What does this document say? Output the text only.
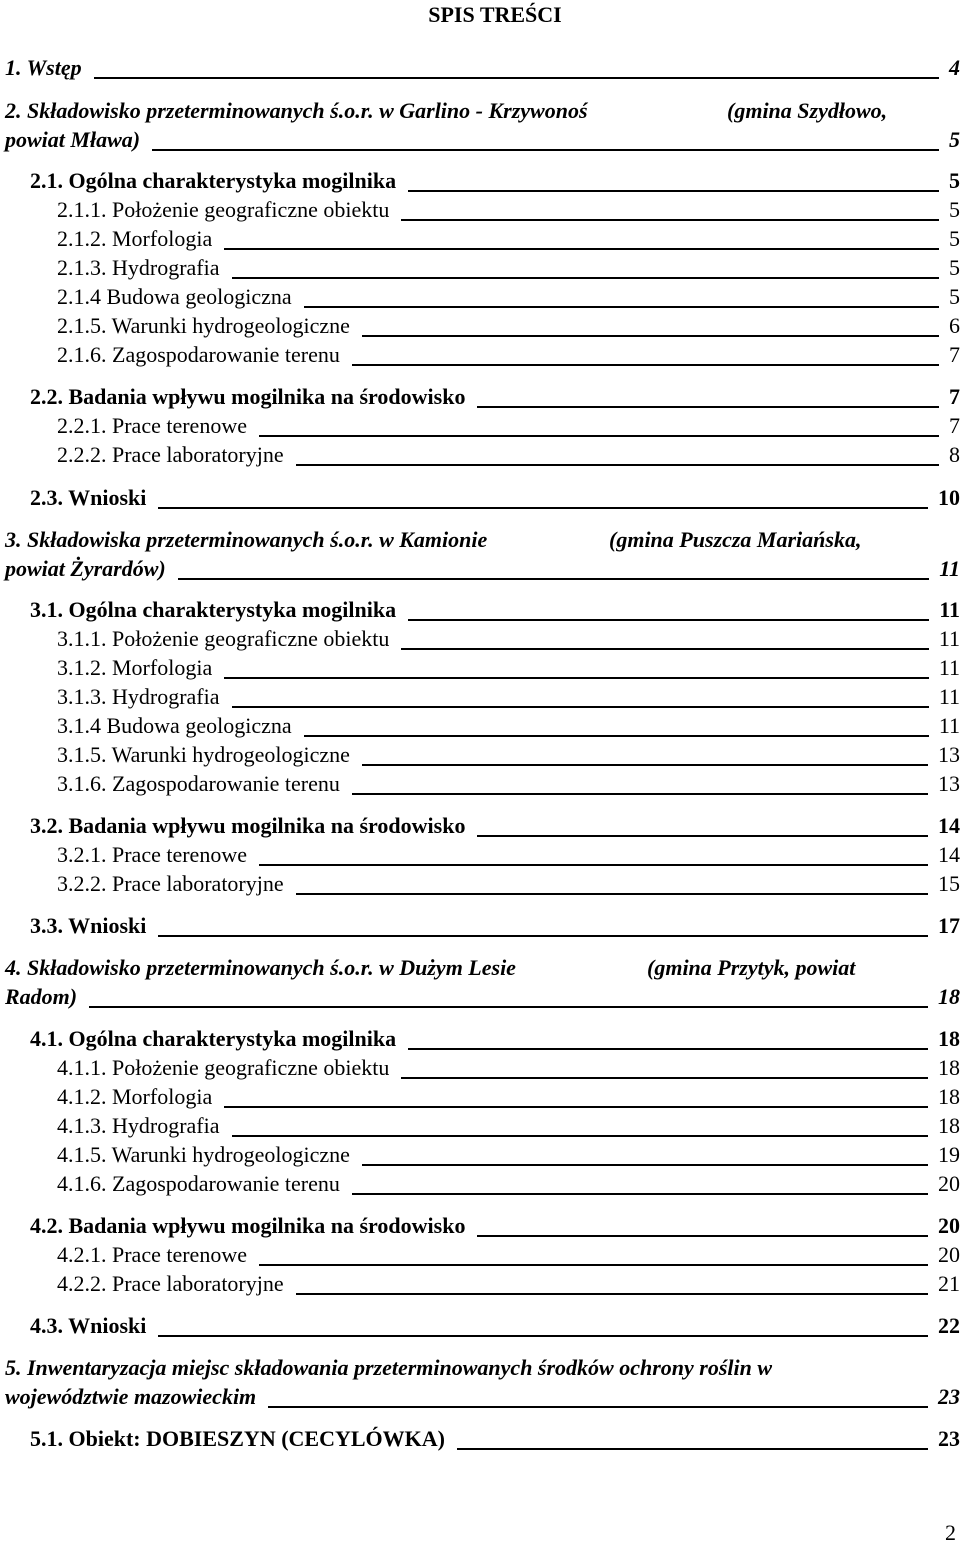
SPIS TREŚCI
1. Wstęp	4
2. Składowisko przeterminowanych ś.o.r. w Garlino - Krzywonoś	(gmina Szydłowo,
powiat Mława)	5
2.1. Ogólna charakterystyka mogilnika	5
2.1.1. Położenie geograficzne obiektu	5
2.1.2. Morfologia	5
2.1.3. Hydrografia	5
2.1.4 Budowa geologiczna	5
2.1.5. Warunki hydrogeologiczne	6
2.1.6. Zagospodarowanie terenu	7
2.2. Badania wpływu mogilnika na środowisko	7
2.2.1. Prace terenowe	7
2.2.2. Prace laboratoryjne	8
2.3. Wnioski	10
3. Składowiska przeterminowanych ś.o.r. w Kamionie	(gmina Puszcza Mariańska,
powiat Żyrardów)	11
3.1. Ogólna charakterystyka mogilnika	11
3.1.1. Położenie geograficzne obiektu	11
3.1.2. Morfologia	11
3.1.3. Hydrografia	11
3.1.4 Budowa geologiczna	11
3.1.5. Warunki hydrogeologiczne	13
3.1.6. Zagospodarowanie terenu	13
3.2. Badania wpływu mogilnika na środowisko	14
3.2.1. Prace terenowe	14
3.2.2. Prace laboratoryjne	15
3.3. Wnioski	17
4. Składowisko przeterminowanych ś.o.r. w Dużym Lesie	(gmina Przytyk, powiat
Radom)	18
4.1. Ogólna charakterystyka mogilnika	18
4.1.1. Położenie geograficzne obiektu	18
4.1.2. Morfologia	18
4.1.3. Hydrografia	18
4.1.5. Warunki hydrogeologiczne	19
4.1.6. Zagospodarowanie terenu	20
4.2. Badania wpływu mogilnika na środowisko	20
4.2.1. Prace terenowe	20
4.2.2. Prace laboratoryjne	21
4.3. Wnioski	22
5. Inwentaryzacja miejsc składowania przeterminowanych środków ochrony roślin w
województwie mazowieckim	23
5.1. Obiekt: DOBIESZYN (CECYLÓWKA)	23
2
